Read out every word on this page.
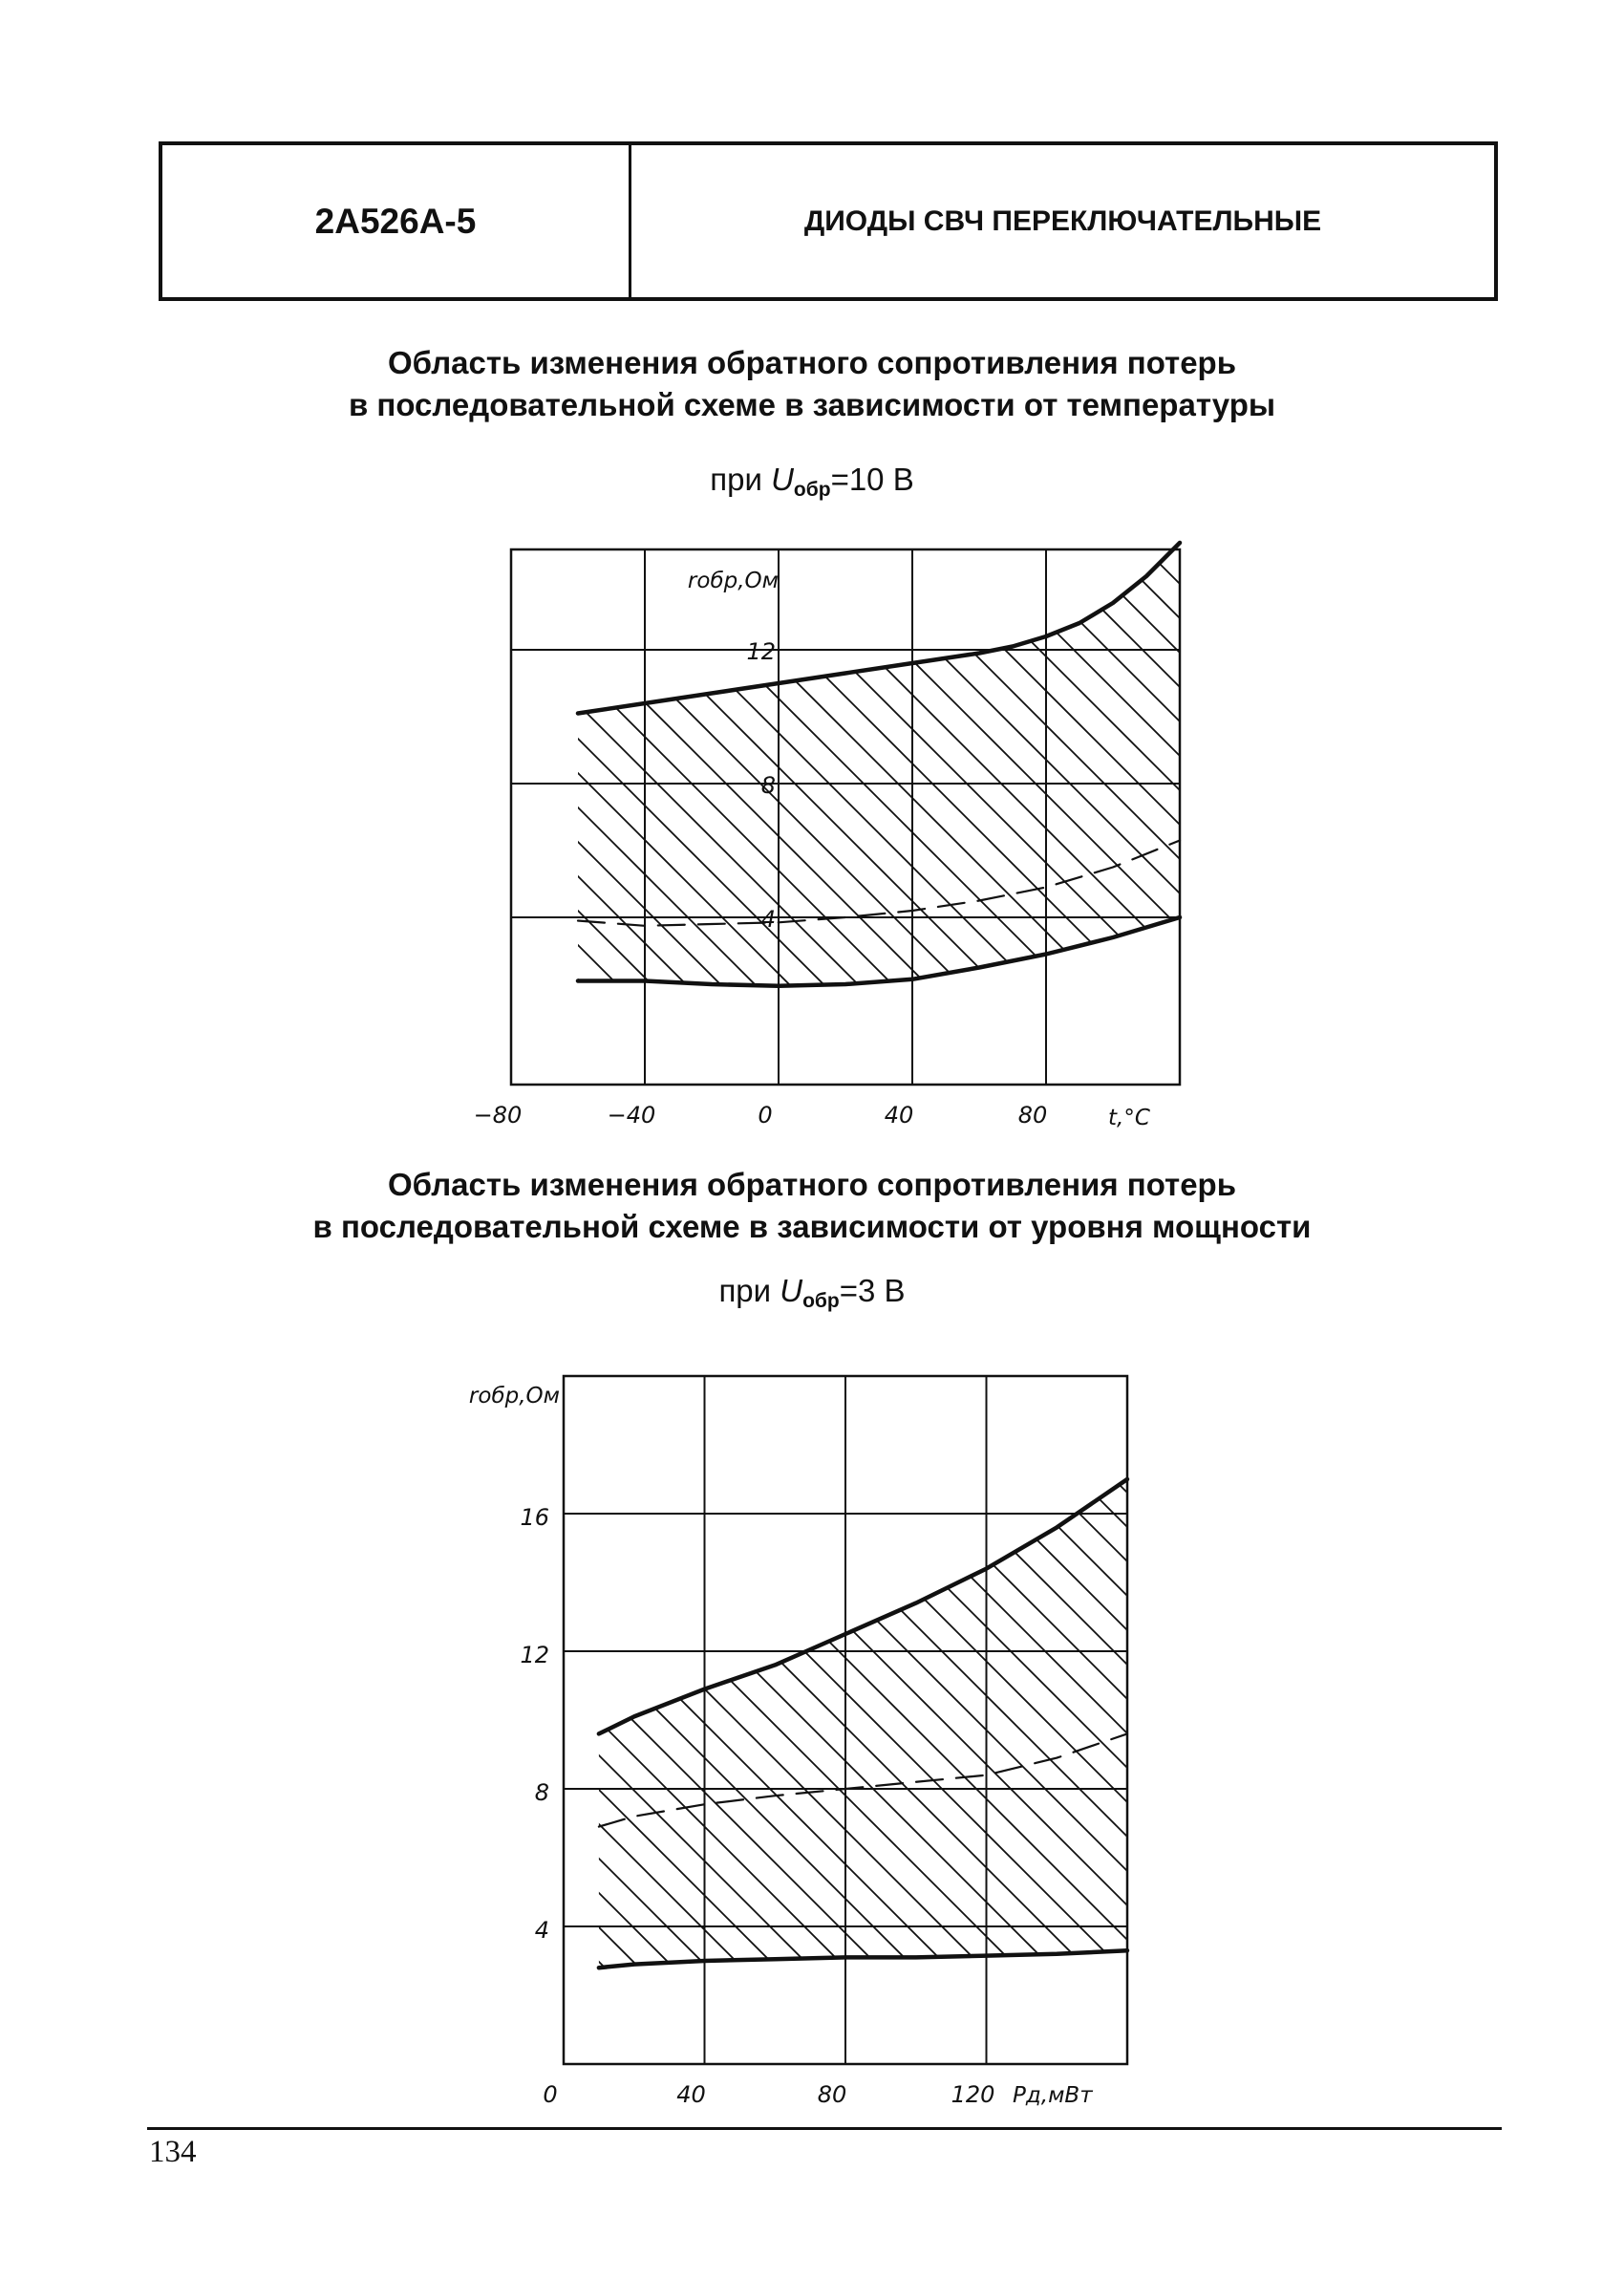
2А526А-5	ДИОДЫ СВЧ ПЕРЕКЛЮЧАТЕЛЬНЫЕ
Область изменения обратного сопротивления потерь
в последовательной схеме в зависимости от температуры
при $U_{обр}=10$ В
−80	−40	0	40	80
4
8
12
t,°C
rобр,Ом
Область изменения обратного сопротивления потерь
в последовательной схеме в зависимости от уровня мощности
при $U_{обр}=3$ В
0	40	80	120
4
8
12
16
Pд,мВт
rобр,Ом
134
